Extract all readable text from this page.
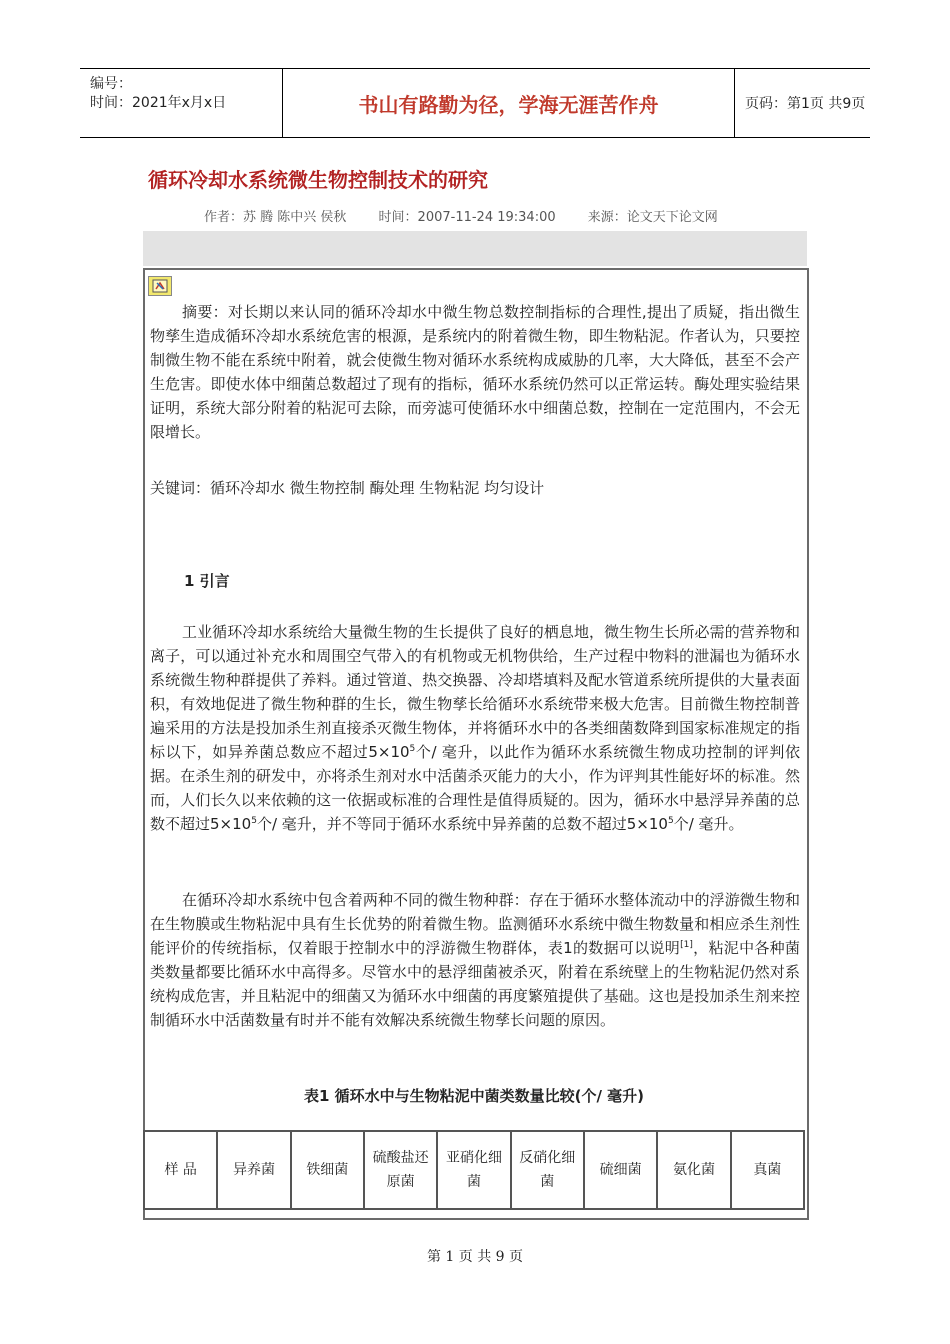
编号：
时间：2021年x月x日	书山有路勤为径，学海无涯苦作舟	页码：第1页 共9页
循环冷却水系统微生物控制技术的研究
作者：苏 腾 陈中兴 侯秋 时间：2007-11-24 19:34:00 来源：论文天下论文网
摘要：对长期以来认同的循环冷却水中微生物总数控制指标的合理性,提出了质疑，指出微生物孳生造成循环冷却水系统危害的根源，是系统内的附着微生物，即生物粘泥。作者认为，只要控制微生物不能在系统中附着，就会使微生物对循环水系统构成威胁的几率，大大降低，甚至不会产生危害。即使水体中细菌总数超过了现有的指标，循环水系统仍然可以正常运转。酶处理实验结果证明，系统大部分附着的粘泥可去除，而旁滤可使循环水中细菌总数，控制在一定范围内，不会无限增长。
关键词：循环冷却水 微生物控制 酶处理 生物粘泥 均匀设计
1 引言
工业循环冷却水系统给大量微生物的生长提供了良好的栖息地，微生物生长所必需的营养物和离子，可以通过补充水和周围空气带入的有机物或无机物供给，生产过程中物料的泄漏也为循环水系统微生物种群提供了养料。通过管道、热交换器、冷却塔填料及配水管道系统所提供的大量表面积，有效地促进了微生物种群的生长，微生物孳长给循环水系统带来极大危害。目前微生物控制普遍采用的方法是投加杀生剂直接杀灭微生物体，并将循环水中的各类细菌数降到国家标准规定的指标以下，如异养菌总数应不超过$5\times 10^5$个/ 毫升，以此作为循环水系统微生物成功控制的评判依据。在杀生剂的研发中，亦将杀生剂对水中活菌杀灭能力的大小，作为评判其性能好坏的标准。然而，人们长久以来依赖的这一依据或标准的合理性是值得质疑的。因为，循环水中悬浮异养菌的总数不超过$5\times 10^5$个/ 毫升，并不等同于循环水系统中异养菌的总数不超过$5\times 10^5$个/ 毫升。
在循环冷却水系统中包含着两种不同的微生物种群：存在于循环水整体流动中的浮游微生物和在生物膜或生物粘泥中具有生长优势的附着微生物。监测循环水系统中微生物数量和相应杀生剂性能评价的传统指标，仅着眼于控制水中的浮游微生物群体，表1的数据可以说明[1]，粘泥中各种菌类数量都要比循环水中高得多。尽管水中的悬浮细菌被杀灭，附着在系统壁上的生物粘泥仍然对系统构成危害，并且粘泥中的细菌又为循环水中细菌的再度繁殖提供了基础。这也是投加杀生剂来控制循环水中活菌数量有时并不能有效解决系统微生物孳长问题的原因。
表1 循环水中与生物粘泥中菌类数量比较(个/ 毫升)
样 品	异养菌	铁细菌	硫酸盐还原菌	亚硝化细菌	反硝化细菌	硫细菌	氨化菌	真菌
第 1 页 共 9 页
